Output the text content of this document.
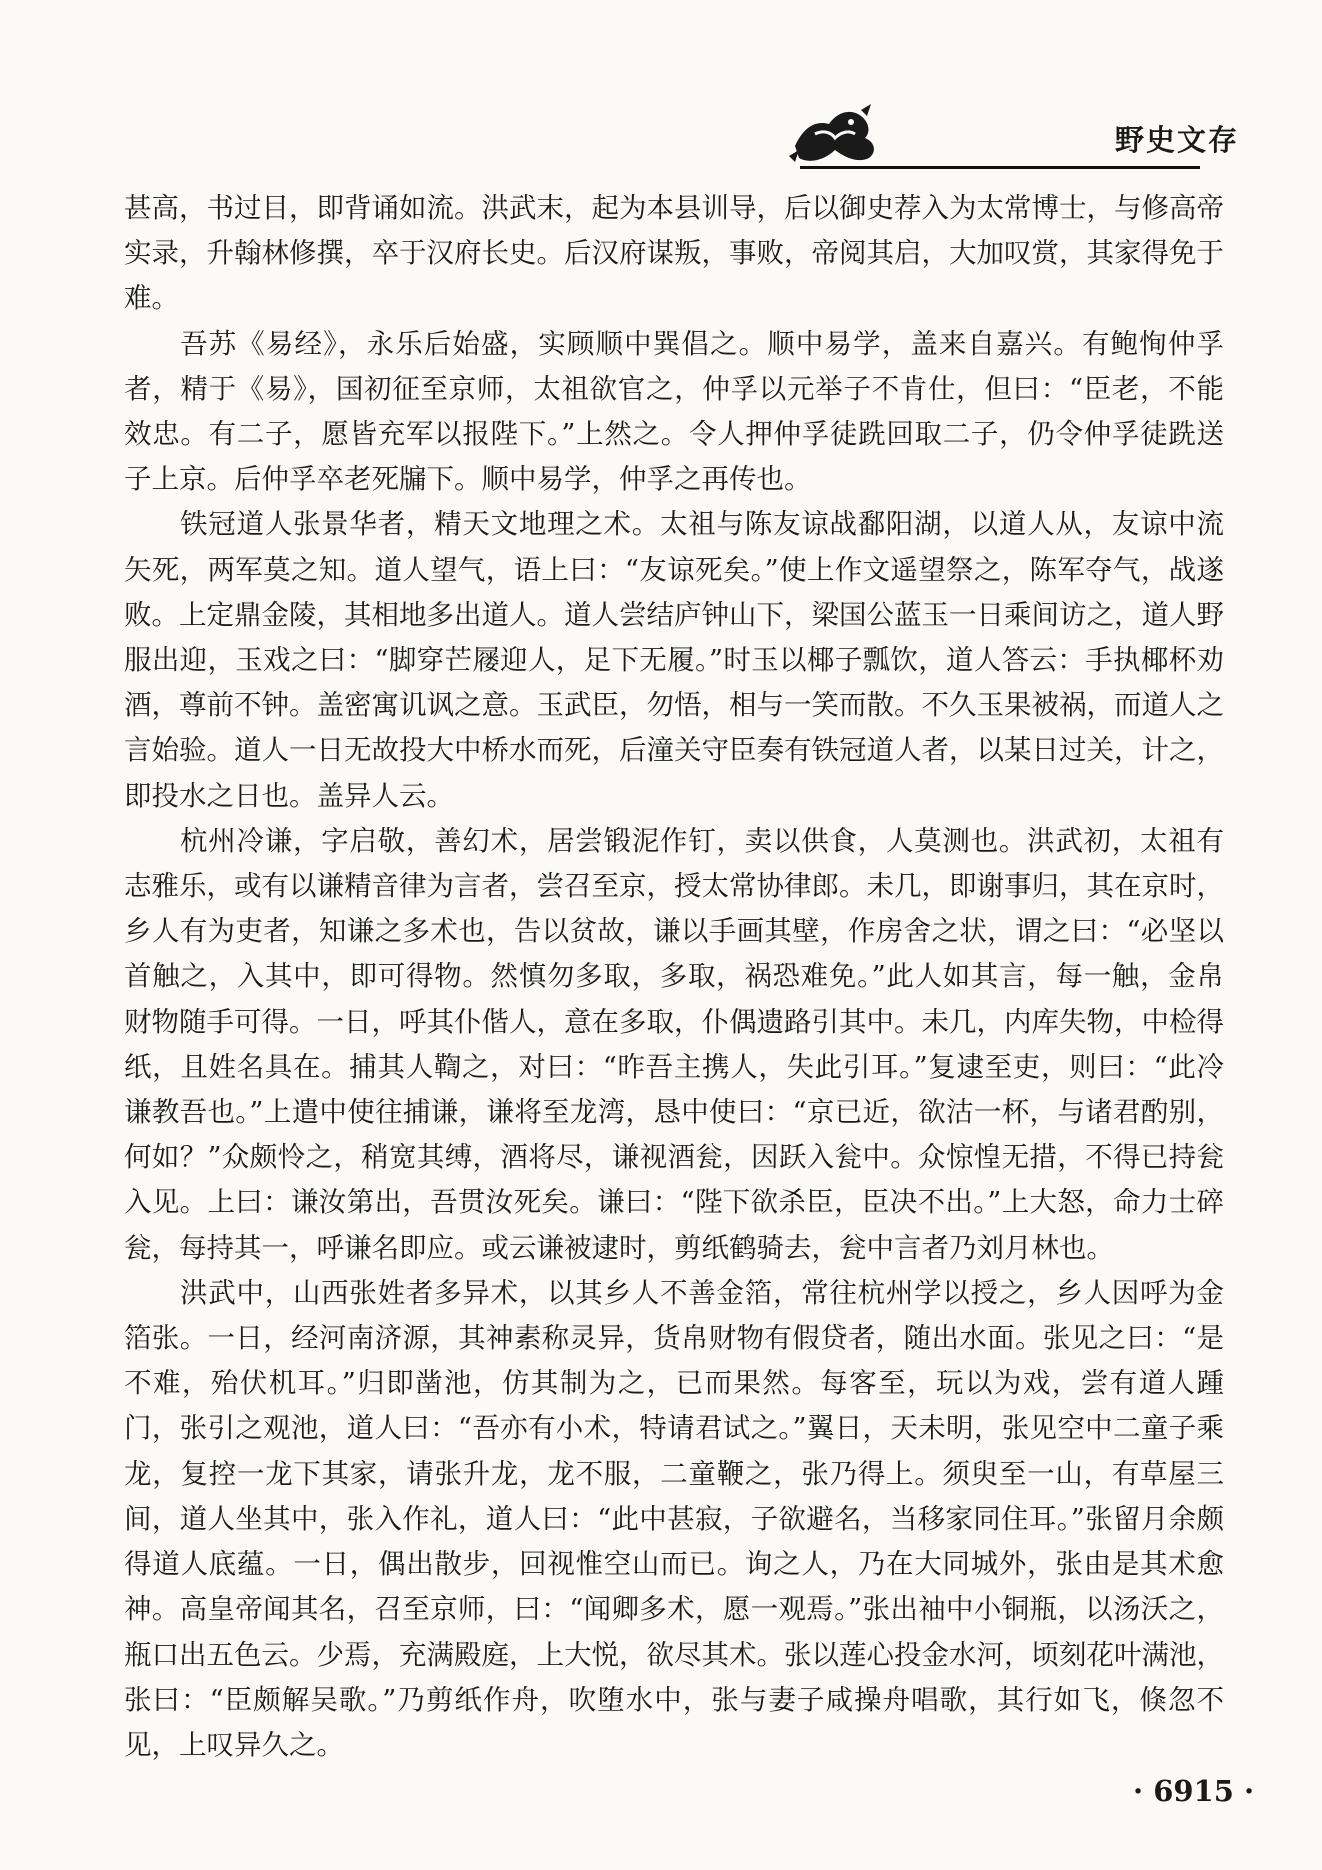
野史文存

甚高，书过目，即背诵如流。洪武末，起为本县训导，后以御史荐入为太常博士，与修高帝实录，升翰林修撰，卒于汉府长史。后汉府谋叛，事败，帝阅其启，大加叹赏，其家得免于难。

吾苏《易经》，永乐后始盛，实顾顺中巽倡之。顺中易学，盖来自嘉兴。有鲍恂仲孚者，精于《易》，国初征至京师，太祖欲官之，仲孚以元举子不肯仕，但曰：“臣老，不能效忠。有二子，愿皆充军以报陛下。”上然之。令人押仲孚徒跣回取二子，仍令仲孚徒跣送子上京。后仲孚卒老死牖下。顺中易学，仲孚之再传也。

铁冠道人张景华者，精天文地理之术。太祖与陈友谅战鄱阳湖，以道人从，友谅中流矢死，两军莫之知。道人望气，语上曰：“友谅死矣。”使上作文遥望祭之，陈军夺气，战遂败。上定鼎金陵，其相地多出道人。道人尝结庐钟山下，梁国公蓝玉一日乘间访之，道人野服出迎，玉戏之曰：“脚穿芒屦迎人，足下无履。”时玉以椰子瓢饮，道人答云：手执椰杯劝酒，尊前不钟。盖密寓讥讽之意。玉武臣，勿悟，相与一笑而散。不久玉果被祸，而道人之言始验。道人一日无故投大中桥水而死，后潼关守臣奏有铁冠道人者，以某日过关，计之，即投水之日也。盖异人云。

杭州冷谦，字启敬，善幻术，居尝锻泥作钉，卖以供食，人莫测也。洪武初，太祖有志雅乐，或有以谦精音律为言者，尝召至京，授太常协律郎。未几，即谢事归，其在京时，乡人有为吏者，知谦之多术也，告以贫故，谦以手画其壁，作房舍之状，谓之曰：“必坚以首触之，入其中，即可得物。然慎勿多取，多取，祸恐难免。”此人如其言，每一触，金帛财物随手可得。一日，呼其仆偕人，意在多取，仆偶遗路引其中。未几，内库失物，中检得纸，且姓名具在。捕其人鞫之，对曰：“昨吾主携人，失此引耳。”复逮至吏，则曰：“此冷谦教吾也。”上遣中使往捕谦，谦将至龙湾，恳中使曰：“京已近，欲沽一杯，与诸君酌别，何如？”众颇怜之，稍宽其缚，酒将尽，谦视酒瓮，因跃入瓮中。众惊惶无措，不得已持瓮入见。上曰：谦汝第出，吾贯汝死矣。谦曰：“陛下欲杀臣，臣决不出。”上大怒，命力士碎瓮，每持其一，呼谦名即应。或云谦被逮时，剪纸鹤骑去，瓮中言者乃刘月林也。

洪武中，山西张姓者多异术，以其乡人不善金箔，常往杭州学以授之，乡人因呼为金箔张。一日，经河南济源，其神素称灵异，货帛财物有假贷者，随出水面。张见之曰：“是不难，殆伏机耳。”归即凿池，仿其制为之，已而果然。每客至，玩以为戏，尝有道人踵门，张引之观池，道人曰：“吾亦有小术，特请君试之。”翼日，天未明，张见空中二童子乘龙，复控一龙下其家，请张升龙，龙不服，二童鞭之，张乃得上。须臾至一山，有草屋三间，道人坐其中，张入作礼，道人曰：“此中甚寂，子欲避名，当移家同住耳。”张留月余颇得道人底蕴。一日，偶出散步，回视惟空山而已。询之人，乃在大同城外，张由是其术愈神。高皇帝闻其名，召至京师，曰：“闻卿多术，愿一观焉。”张出袖中小铜瓶，以汤沃之，瓶口出五色云。少焉，充满殿庭，上大悦，欲尽其术。张以莲心投金水河，顷刻花叶满池，张曰：“臣颇解吴歌。”乃剪纸作舟，吹堕水中，张与妻子咸操舟唱歌，其行如飞，倏忽不见，上叹异久之。

· 6915 ·
